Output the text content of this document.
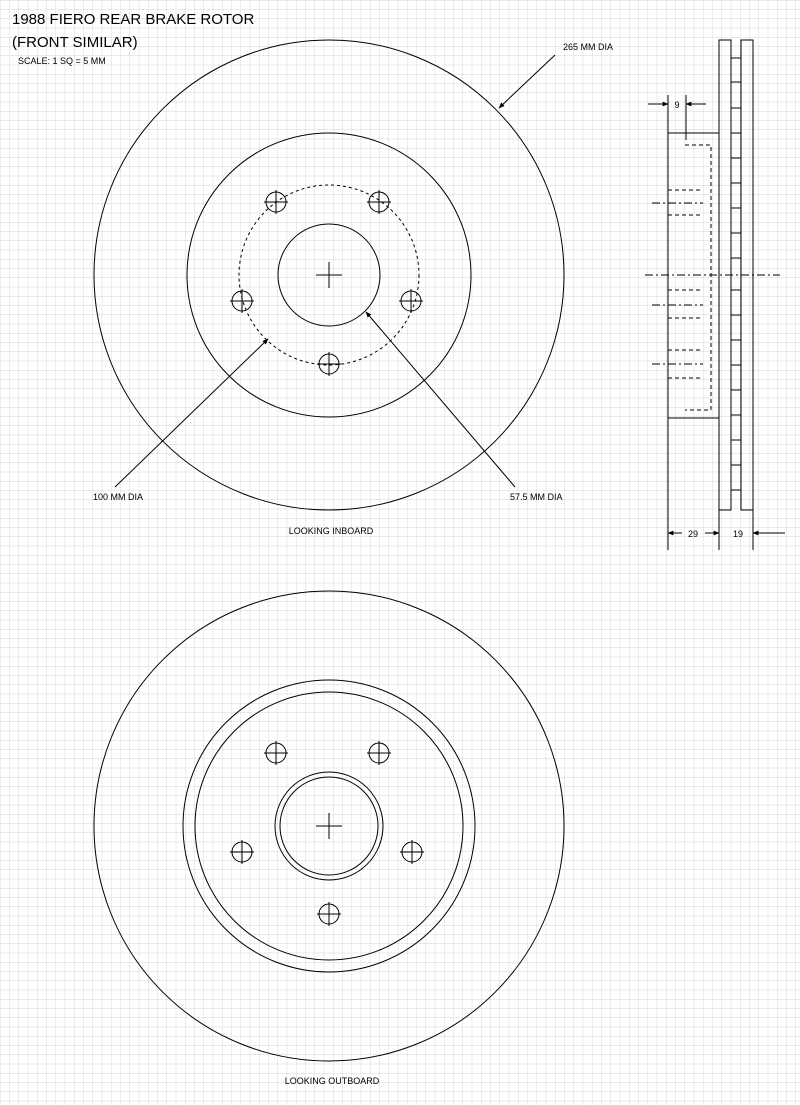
1988 FIERO REAR BRAKE ROTOR
(FRONT SIMILAR)
SCALE: 1 SQ = 5 MM
265 MM DIA
100 MM DIA	57.5 MM DIA
LOOKING INBOARD
9
29	19
LOOKING OUTBOARD
